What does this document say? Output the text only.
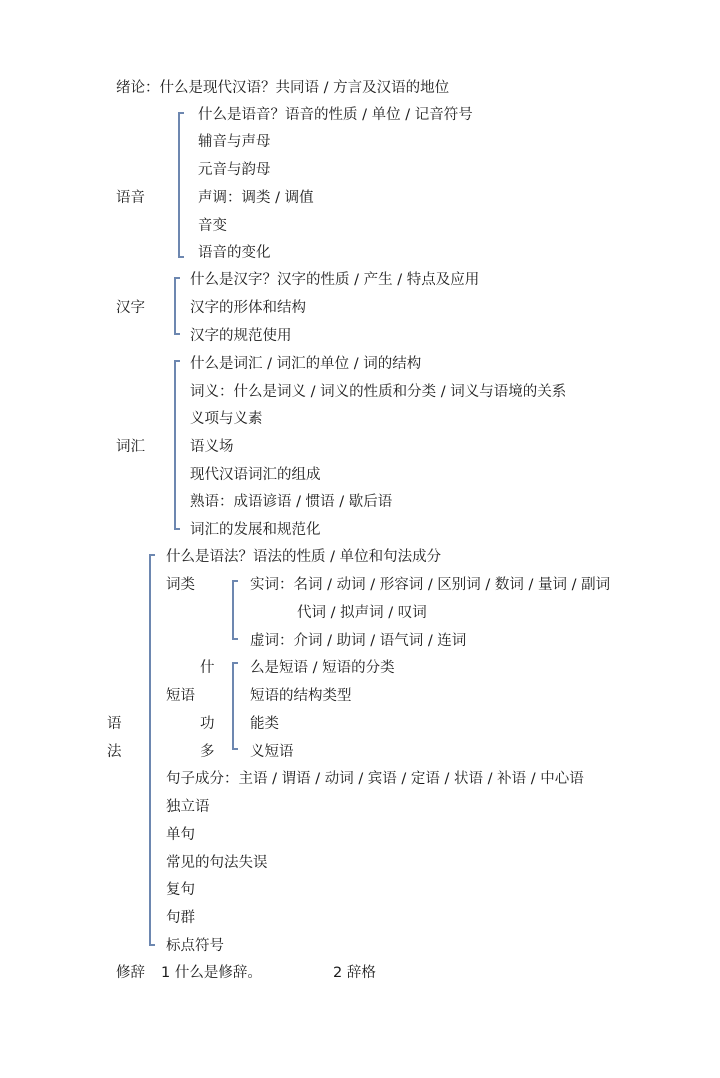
绪论：什么是现代汉语？共同语 / 方言及汉语的地位
语音
什么是语音？语音的性质 / 单位 / 记音符号
辅音与声母
元音与韵母
声调：调类 / 调值
音变
语音的变化
汉字
什么是汉字？汉字的性质 / 产生 / 特点及应用
汉字的形体和结构
汉字的规范使用
词汇
什么是词汇 / 词汇的单位 / 词的结构
词义：什么是词义 / 词义的性质和分类 / 词义与语境的关系
义项与义素
语义场
现代汉语词汇的组成
熟语：成语谚语 / 惯语 / 歇后语
词汇的发展和规范化
语
法
什么是语法？语法的性质 / 单位和句法成分
词类	实词：名词 / 动词 / 形容词 / 区别词 / 数词 / 量词 / 副词
代词 / 拟声词 / 叹词
虚词：介词 / 助词 / 语气词 / 连词
什
短语
功
多
么是短语 / 短语的分类
短语的结构类型
能类
义短语
句子成分：主语 / 谓语 / 动词 / 宾语 / 定语 / 状语 / 补语 / 中心语
独立语
单句
常见的句法失误
复句
句群
标点符号
修辞 1 什么是修辞。	2 辞格
